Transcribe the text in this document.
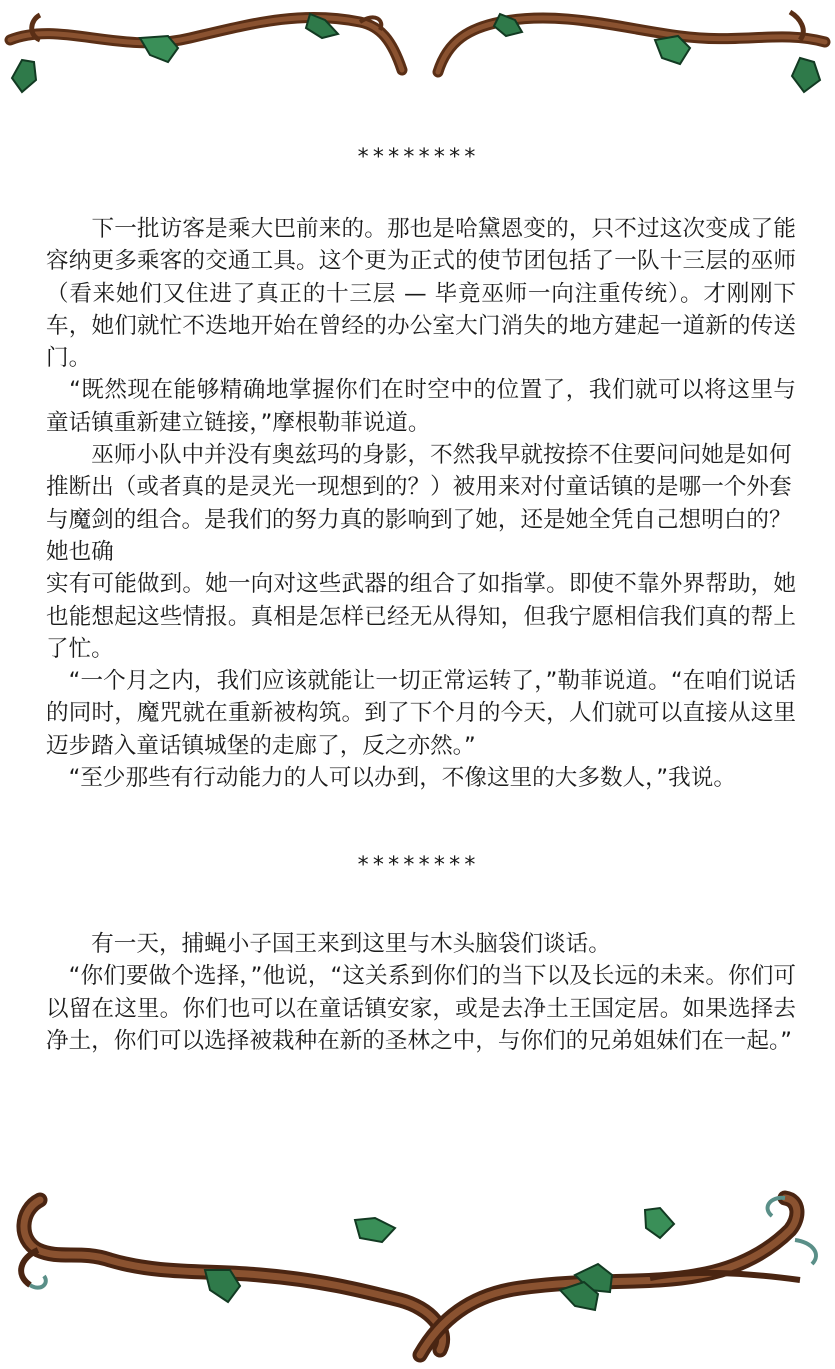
********

　　下一批访客是乘大巴前来的。那也是哈黛恩变的，只不过这次变成了能容纳更多乘客的交通工具。这个更为正式的使节团包括了一队十三层的巫师（看来她们又住进了真正的十三层 — 毕竟巫师一向注重传统）。才刚刚下车，她们就忙不迭地开始在曾经的办公室大门消失的地方建起一道新的传送门。

　“既然现在能够精确地掌握你们在时空中的位置了，我们就可以将这里与童话镇重新建立链接，”摩根勒菲说道。

　　巫师小队中并没有奥兹玛的身影，不然我早就按捺不住要问问她是如何推断出（或者真的是灵光一现想到的？）被用来对付童话镇的是哪一个外套与魔剑的组合。是我们的努力真的影响到了她，还是她全凭自己想明白的？她也确

实有可能做到。她一向对这些武器的组合了如指掌。即使不靠外界帮助，她也能想起这些情报。真相是怎样已经无从得知，但我宁愿相信我们真的帮上了忙。

　“一个月之内，我们应该就能让一切正常运转了，”勒菲说道。“在咱们说话的同时，魔咒就在重新被构筑。到了下个月的今天，人们就可以直接从这里迈步踏入童话镇城堡的走廊了，反之亦然。”

　“至少那些有行动能力的人可以办到，不像这里的大多数人，”我说。

********

　　有一天，捕蝇小子国王来到这里与木头脑袋们谈话。

　“你们要做个选择，”他说，“这关系到你们的当下以及长远的未来。你们可以留在这里。你们也可以在童话镇安家，或是去净土王国定居。如果选择去净土，你们可以选择被栽种在新的圣林之中，与你们的兄弟姐妹们在一起。”
